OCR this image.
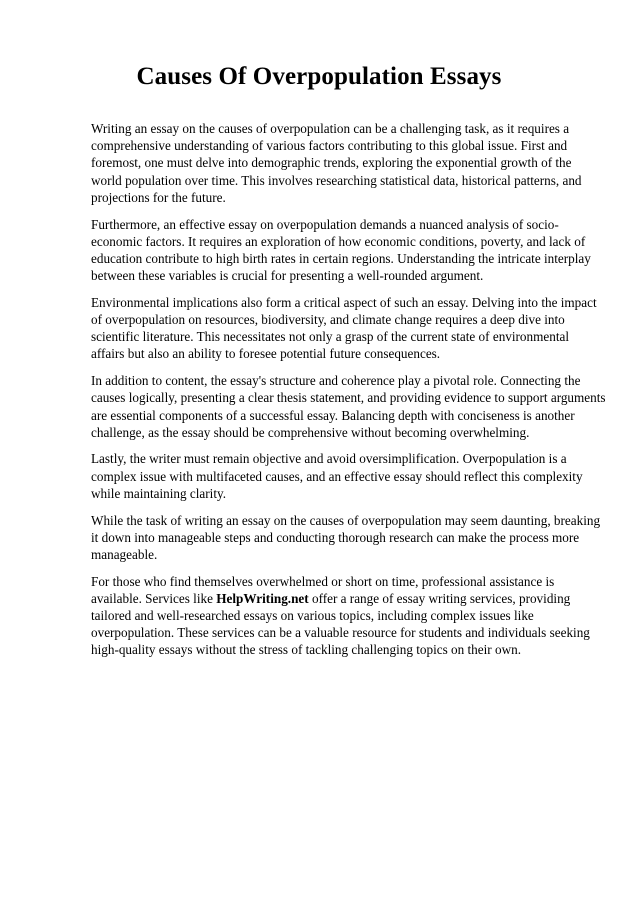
Causes Of Overpopulation Essays

Writing an essay on the causes of overpopulation can be a challenging task, as it requires a
comprehensive understanding of various factors contributing to this global issue. First and
foremost, one must delve into demographic trends, exploring the exponential growth of the
world population over time. This involves researching statistical data, historical patterns, and
projections for the future.

Furthermore, an effective essay on overpopulation demands a nuanced analysis of socio-
economic factors. It requires an exploration of how economic conditions, poverty, and lack of
education contribute to high birth rates in certain regions. Understanding the intricate interplay
between these variables is crucial for presenting a well-rounded argument.

Environmental implications also form a critical aspect of such an essay. Delving into the impact
of overpopulation on resources, biodiversity, and climate change requires a deep dive into
scientific literature. This necessitates not only a grasp of the current state of environmental
affairs but also an ability to foresee potential future consequences.

In addition to content, the essay's structure and coherence play a pivotal role. Connecting the
causes logically, presenting a clear thesis statement, and providing evidence to support arguments
are essential components of a successful essay. Balancing depth with conciseness is another
challenge, as the essay should be comprehensive without becoming overwhelming.

Lastly, the writer must remain objective and avoid oversimplification. Overpopulation is a
complex issue with multifaceted causes, and an effective essay should reflect this complexity
while maintaining clarity.

While the task of writing an essay on the causes of overpopulation may seem daunting, breaking
it down into manageable steps and conducting thorough research can make the process more
manageable.

For those who find themselves overwhelmed or short on time, professional assistance is
available. Services like HelpWriting.net offer a range of essay writing services, providing
tailored and well-researched essays on various topics, including complex issues like
overpopulation. These services can be a valuable resource for students and individuals seeking
high-quality essays without the stress of tackling challenging topics on their own.
